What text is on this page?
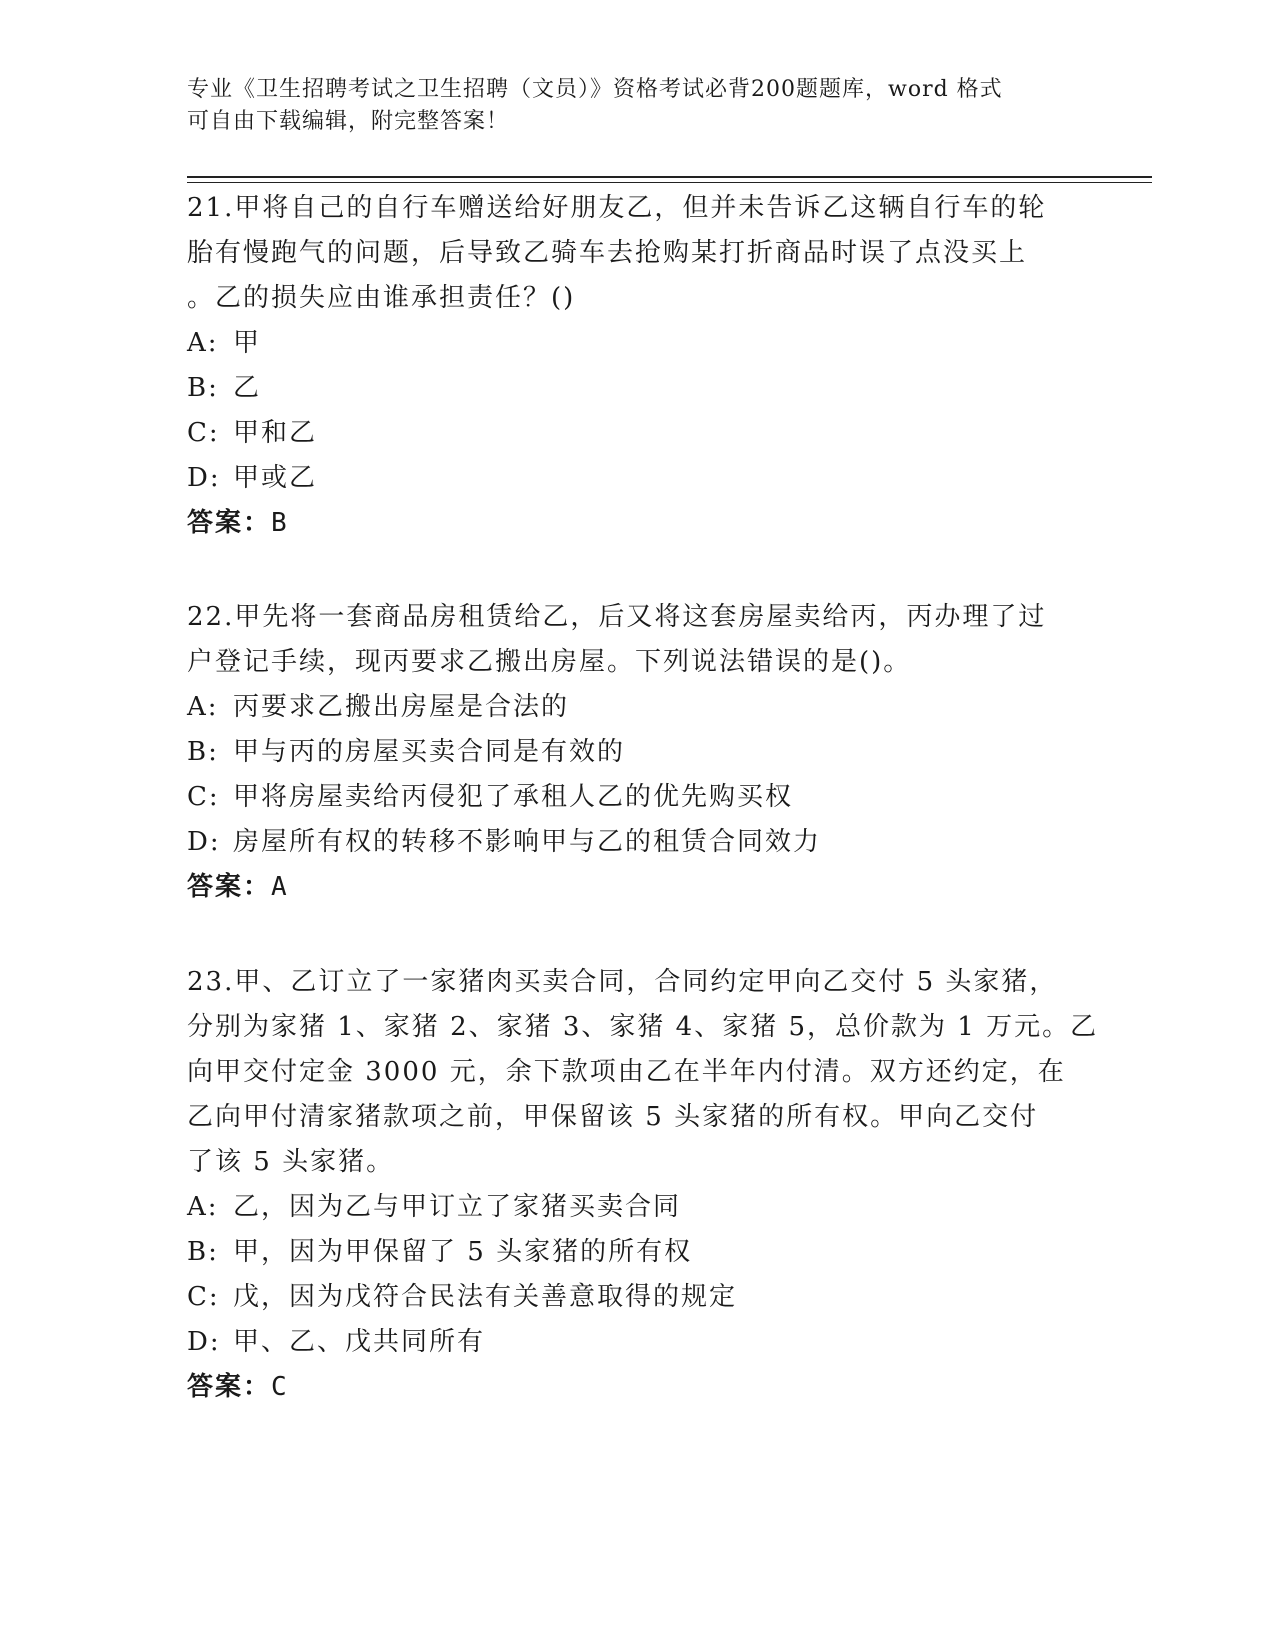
专业《卫生招聘考试之卫生招聘（文员）》资格考试必背200题题库，word 格式
可自由下载编辑，附完整答案！
21.甲将自己的自行车赠送给好朋友乙，但并未告诉乙这辆自行车的轮
胎有慢跑气的问题，后导致乙骑车去抢购某打折商品时误了点没买上
。乙的损失应由谁承担责任？()
A: 甲
B: 乙
C: 甲和乙
D: 甲或乙
答案：B
22.甲先将一套商品房租赁给乙，后又将这套房屋卖给丙，丙办理了过
户登记手续，现丙要求乙搬出房屋。下列说法错误的是()。
A: 丙要求乙搬出房屋是合法的
B: 甲与丙的房屋买卖合同是有效的
C: 甲将房屋卖给丙侵犯了承租人乙的优先购买权
D: 房屋所有权的转移不影响甲与乙的租赁合同效力
答案：A
23.甲、乙订立了一家猪肉买卖合同，合同约定甲向乙交付 5 头家猪，
分别为家猪 1、家猪 2、家猪 3、家猪 4、家猪 5，总价款为 1 万元。乙
向甲交付定金 3000 元，余下款项由乙在半年内付清。双方还约定，在
乙向甲付清家猪款项之前，甲保留该 5 头家猪的所有权。甲向乙交付
了该 5 头家猪。
A: 乙，因为乙与甲订立了家猪买卖合同
B: 甲，因为甲保留了 5 头家猪的所有权
C: 戊，因为戊符合民法有关善意取得的规定
D: 甲、乙、戊共同所有
答案：C
